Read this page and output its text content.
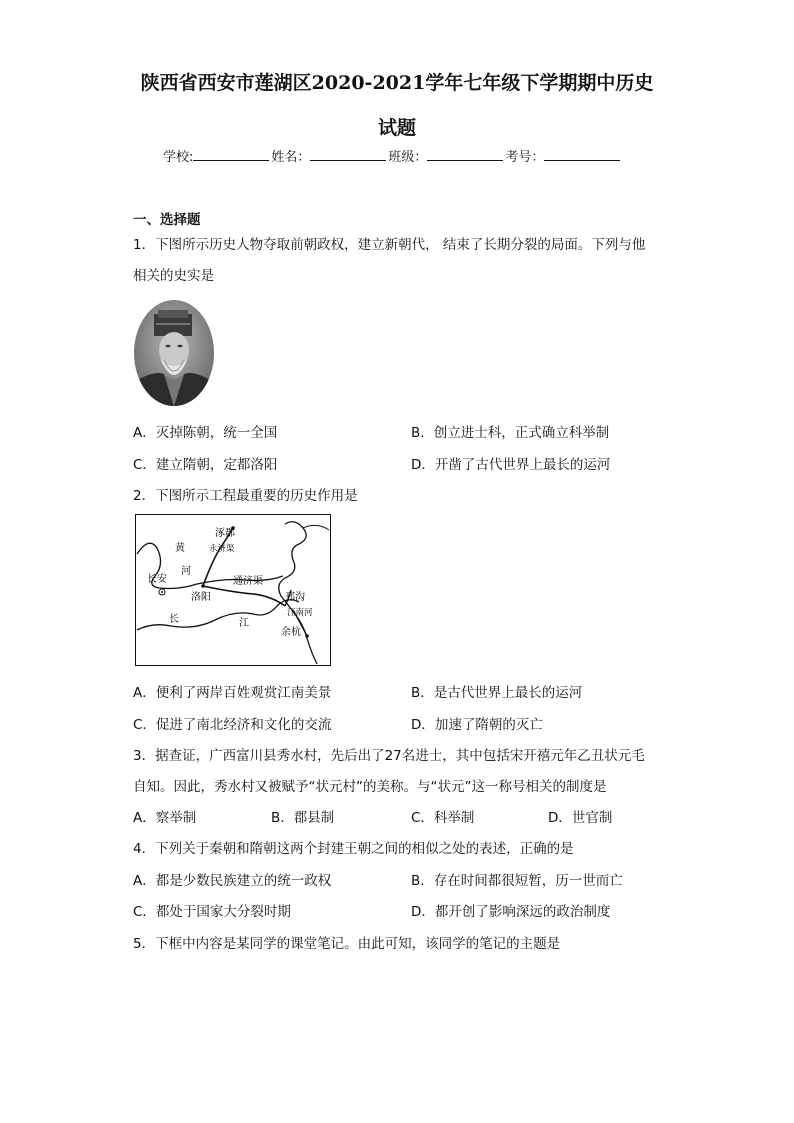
陕西省西安市莲湖区2020-2021学年七年级下学期期中历史
试题
学校:	姓名：	班级：	考号：
一、选择题
1．下图所示历史人物夺取前朝政权，建立新朝代， 结束了长期分裂的局面。下列与他
相关的史实是
A．灭掉陈朝，统一全国	B．创立进士科，正式确立科举制
C．建立隋朝，定都洛阳	D．开凿了古代世界上最长的运河
2．下图所示工程最重要的历史作用是
涿郡
永济渠
黄
河
长安	通济渠
洛阳	邗沟
长	江
江南河
余杭
A．便利了两岸百姓观赏江南美景	B．是古代世界上最长的运河
C．促进了南北经济和文化的交流	D．加速了隋朝的灭亡
3．据查证，广西富川县秀水村，先后出了27名进士，其中包括宋开禧元年乙丑状元毛
自知。因此，秀水村又被赋予“状元村”的美称。与“状元”这一称号相关的制度是
A．察举制	B．郡县制	C．科举制	D．世官制
4．下列关于秦朝和隋朝这两个封建王朝之间的相似之处的表述，正确的是
A．都是少数民族建立的统一政权	B．存在时间都很短暂，历一世而亡
C．都处于国家大分裂时期	D．都开创了影响深远的政治制度
5．下框中内容是某同学的课堂笔记。由此可知，该同学的笔记的主题是
